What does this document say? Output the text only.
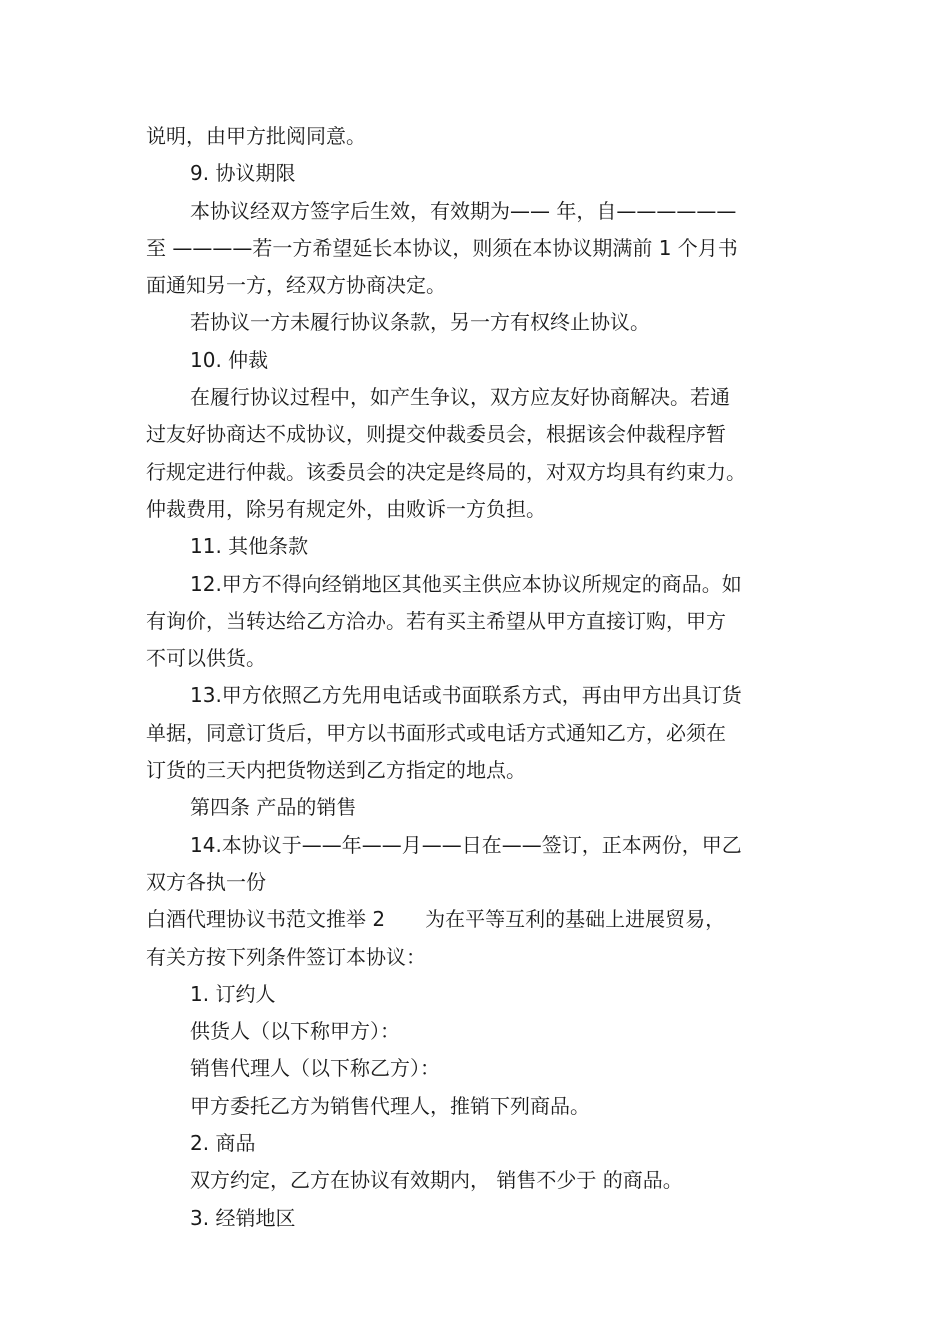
说明，由甲方批阅同意。
9. 协议期限
本协议经双方签字后生效，有效期为—— 年，自——————
至 ————若一方希望延长本协议，则须在本协议期满前 1 个月书
面通知另一方，经双方协商决定。
若协议一方未履行协议条款，另一方有权终止协议。
10. 仲裁
在履行协议过程中，如产生争议，双方应友好协商解决。若通
过友好协商达不成协议，则提交仲裁委员会，根据该会仲裁程序暂
行规定进行仲裁。该委员会的决定是终局的，对双方均具有约束力。
仲裁费用，除另有规定外，由败诉一方负担。
11. 其他条款
12.甲方不得向经销地区其他买主供应本协议所规定的商品。如
有询价，当转达给乙方洽办。若有买主希望从甲方直接订购，甲方
不可以供货。
13.甲方依照乙方先用电话或书面联系方式，再由甲方出具订货
单据，同意订货后，甲方以书面形式或电话方式通知乙方，必须在
订货的三天内把货物送到乙方指定的地点。
第四条 产品的销售
14.本协议于——年——月——日在——签订，正本两份，甲乙
双方各执一份
白酒代理协议书范文推举 2　　为在平等互利的基础上进展贸易，
有关方按下列条件签订本协议：
1. 订约人
供货人（以下称甲方）：
销售代理人（以下称乙方）：
甲方委托乙方为销售代理人，推销下列商品。
2. 商品
双方约定，乙方在协议有效期内， 销售不少于 的商品。
3. 经销地区
